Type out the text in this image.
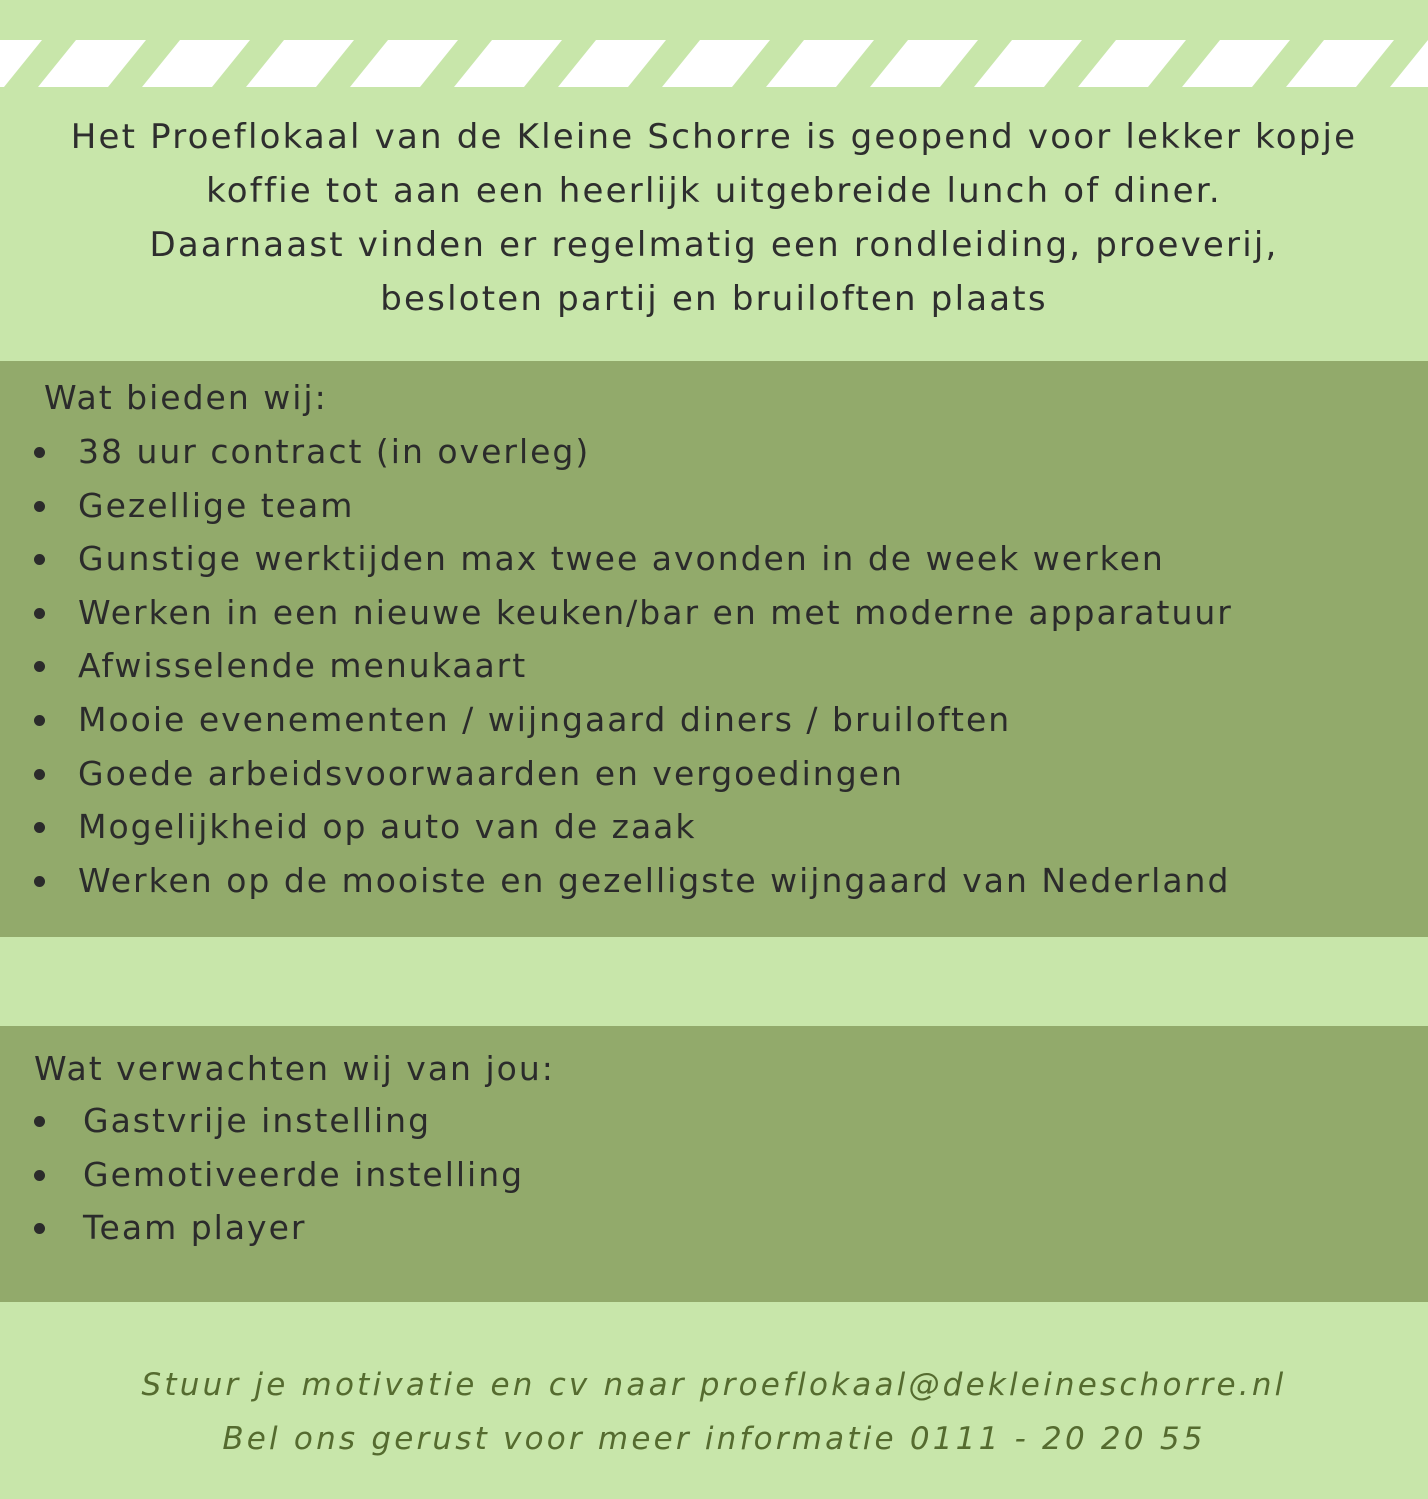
Het Proeflokaal van de Kleine Schorre is geopend voor lekker kopje
koffie tot aan een heerlijk uitgebreide lunch of diner.
Daarnaast vinden er regelmatig een rondleiding, proeverij,
besloten partij en bruiloften plaats
Wat bieden wij:
38 uur contract (in overleg)
Gezellige team
Gunstige werktijden max twee avonden in de week werken
Werken in een nieuwe keuken/bar en met moderne apparatuur
Afwisselende menukaart
Mooie evenementen / wijngaard diners / bruiloften
Goede arbeidsvoorwaarden en vergoedingen
Mogelijkheid op auto van de zaak
Werken op de mooiste en gezelligste wijngaard van Nederland
Wat verwachten wij van jou:
Gastvrije instelling
Gemotiveerde instelling
Team player
Stuur je motivatie en cv naar proeflokaal@dekleineschorre.nl
Bel ons gerust voor meer informatie 0111 - 20 20 55
